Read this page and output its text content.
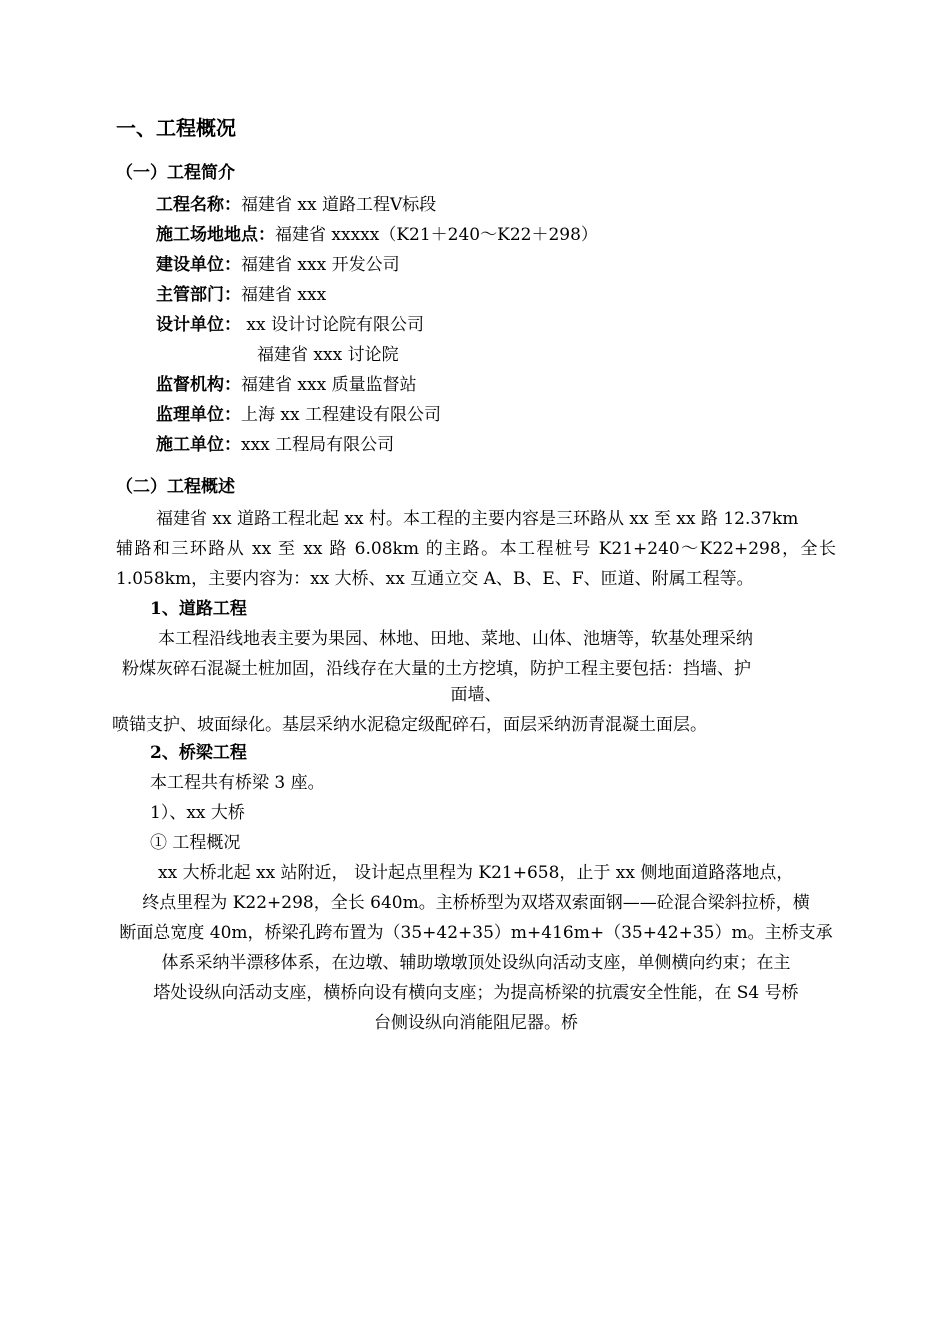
一、工程概况
（一）工程简介
工程名称：福建省 xx 道路工程Ⅴ标段
施工场地地点：福建省 xxxxx（K21＋240～K22＋298）
建设单位：福建省 xxx 开发公司
主管部门：福建省 xxx
设计单位： xx 设计讨论院有限公司
福建省 xxx 讨论院
监督机构：福建省 xxx 质量监督站
监理单位：上海 xx 工程建设有限公司
施工单位：xxx 工程局有限公司
（二）工程概述
福建省 xx 道路工程北起 xx 村。本工程的主要内容是三环路从 xx 至 xx 路 12.37km
辅路和三环路从 xx 至 xx 路 6.08km 的主路。本工程桩号 K21+240～K22+298，全长
1.058km，主要内容为：xx 大桥、xx 互通立交 A、B、E、F、匝道、附属工程等。
1、道路工程
本工程沿线地表主要为果园、林地、田地、菜地、山体、池塘等，软基处理采纳
粉煤灰碎石混凝土桩加固，沿线存在大量的土方挖填，防护工程主要包括：挡墙、护
面墙、
喷锚支护、坡面绿化。基层采纳水泥稳定级配碎石，面层采纳沥青混凝土面层。
2、桥梁工程
本工程共有桥梁 3 座。
1）、xx 大桥
① 工程概况
xx 大桥北起 xx 站附近， 设计起点里程为 K21+658，止于 xx 侧地面道路落地点，
终点里程为 K22+298，全长 640m。主桥桥型为双塔双索面钢——砼混合梁斜拉桥，横
断面总宽度 40m，桥梁孔跨布置为（35+42+35）m+416m+（35+42+35）m。主桥支承
体系采纳半漂移体系，在边墩、辅助墩墩顶处设纵向活动支座，单侧横向约束；在主
塔处设纵向活动支座，横桥向设有横向支座；为提高桥梁的抗震安全性能，在 S4 号桥
台侧设纵向消能阻尼器。桥
